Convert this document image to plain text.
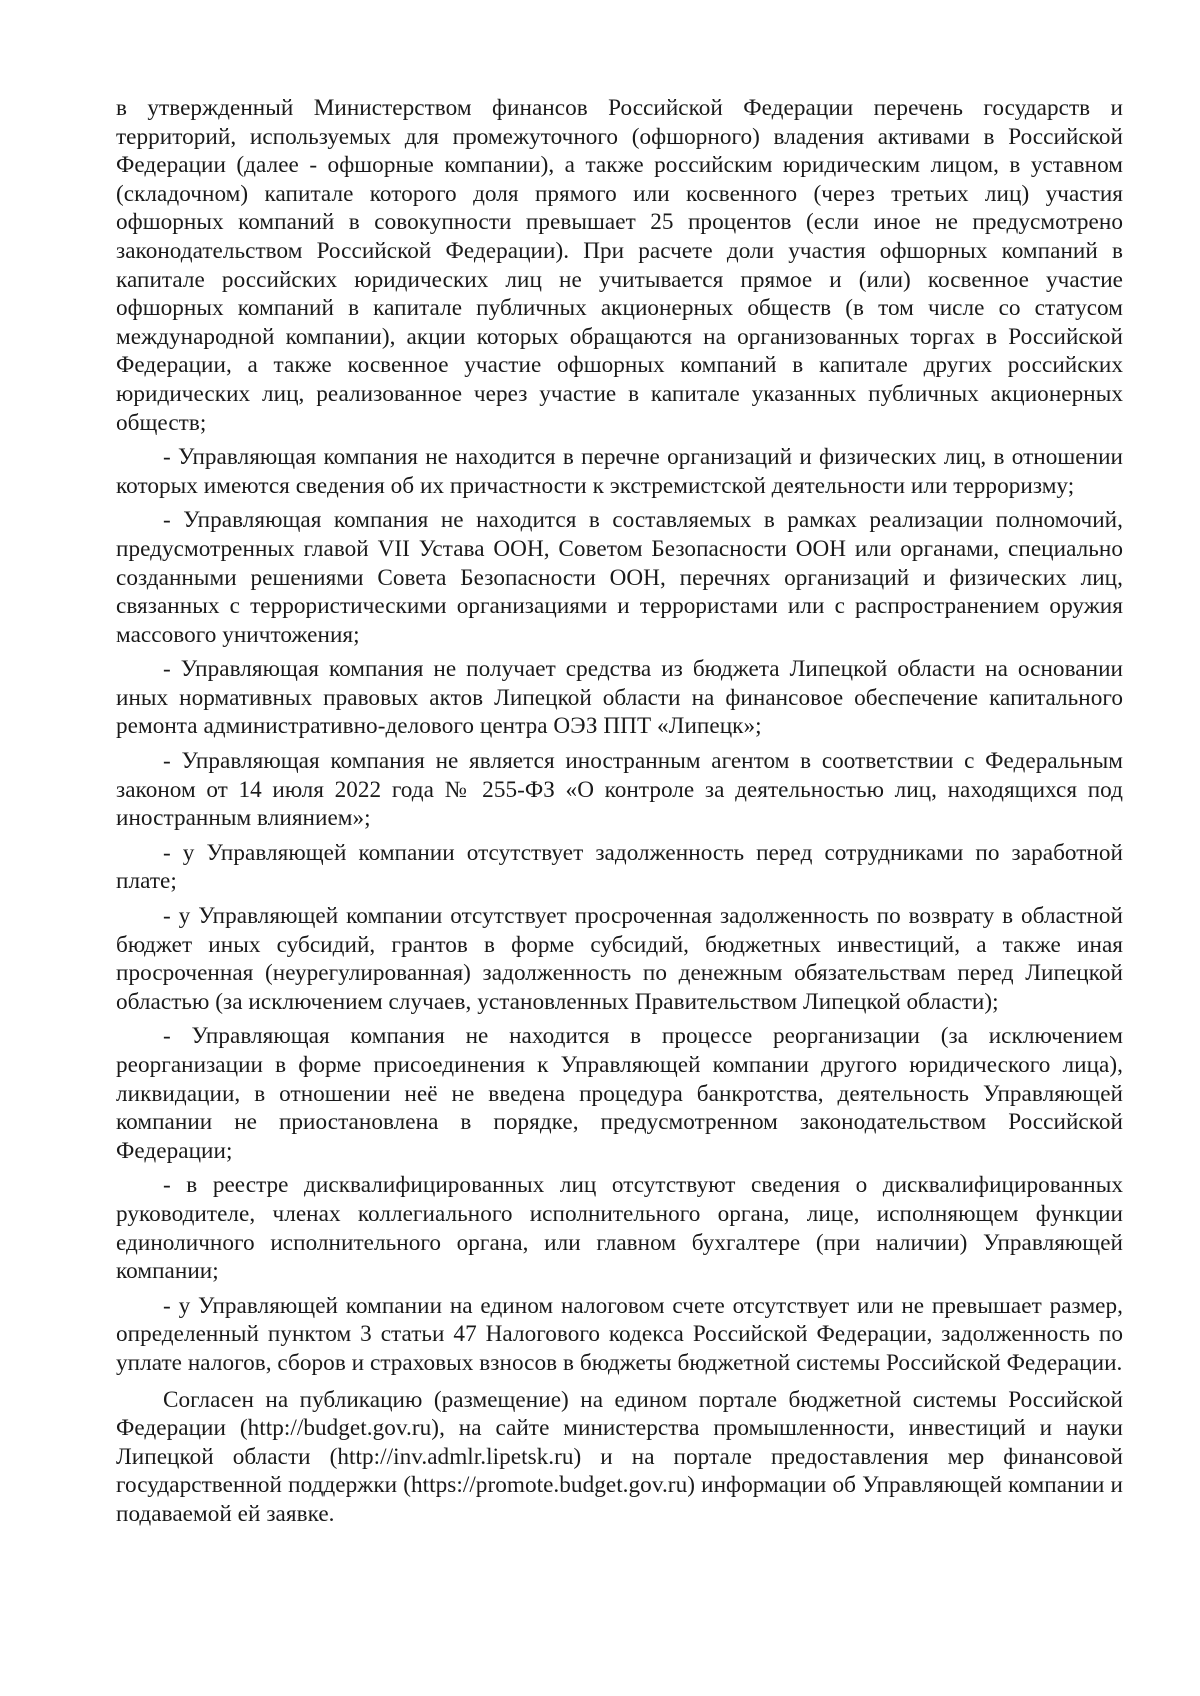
в утвержденный Министерством финансов Российской Федерации перечень государств и территорий, используемых для промежуточного (офшорного) владения активами в Российской Федерации (далее - офшорные компании), а также российским юридическим лицом, в уставном (складочном) капитале которого доля прямого или косвенного (через третьих лиц) участия офшорных компаний в совокупности превышает 25 процентов (если иное не предусмотрено законодательством Российской Федерации). При расчете доли участия офшорных компаний в капитале российских юридических лиц не учитывается прямое и (или) косвенное участие офшорных компаний в капитале публичных акционерных обществ (в том числе со статусом международной компании), акции которых обращаются на организованных торгах в Российской Федерации, а также косвенное участие офшорных компаний в капитале других российских юридических лиц, реализованное через участие в капитале указанных публичных акционерных обществ;

- Управляющая компания не находится в перечне организаций и физических лиц, в отношении которых имеются сведения об их причастности к экстремистской деятельности или терроризму;

- Управляющая компания не находится в составляемых в рамках реализации полномочий, предусмотренных главой VII Устава ООН, Советом Безопасности ООН или органами, специально созданными решениями Совета Безопасности ООН, перечнях организаций и физических лиц, связанных с террористическими организациями и террористами или с распространением оружия массового уничтожения;

- Управляющая компания не получает средства из бюджета Липецкой области на основании иных нормативных правовых актов Липецкой области на финансовое обеспечение капитального ремонта административно-делового центра ОЭЗ ППТ «Липецк»;

- Управляющая компания не является иностранным агентом в соответствии с Федеральным законом от 14 июля 2022 года № 255-ФЗ «О контроле за деятельностью лиц, находящихся под иностранным влиянием»;

- у Управляющей компании отсутствует задолженность перед сотрудниками по заработной плате;

- у Управляющей компании отсутствует просроченная задолженность по возврату в областной бюджет иных субсидий, грантов в форме субсидий, бюджетных инвестиций, а также иная просроченная (неурегулированная) задолженность по денежным обязательствам перед Липецкой областью (за исключением случаев, установленных Правительством Липецкой области);

- Управляющая компания не находится в процессе реорганизации (за исключением реорганизации в форме присоединения к Управляющей компании другого юридического лица), ликвидации, в отношении неё не введена процедура банкротства, деятельность Управляющей компании не приостановлена в порядке, предусмотренном законодательством Российской Федерации;

- в реестре дисквалифицированных лиц отсутствуют сведения о дисквалифицированных руководителе, членах коллегиального исполнительного органа, лице, исполняющем функции единоличного исполнительного органа, или главном бухгалтере (при наличии) Управляющей компании;

- у Управляющей компании на едином налоговом счете отсутствует или не превышает размер, определенный пунктом 3 статьи 47 Налогового кодекса Российской Федерации, задолженность по уплате налогов, сборов и страховых взносов в бюджеты бюджетной системы Российской Федерации.

Согласен на публикацию (размещение) на едином портале бюджетной системы Российской Федерации (http://budget.gov.ru), на сайте министерства промышленности, инвестиций и науки Липецкой области (http://inv.admlr.lipetsk.ru) и на портале предоставления мер финансовой государственной поддержки (https://promote.budget.gov.ru) информации об Управляющей компании и подаваемой ей заявке.
